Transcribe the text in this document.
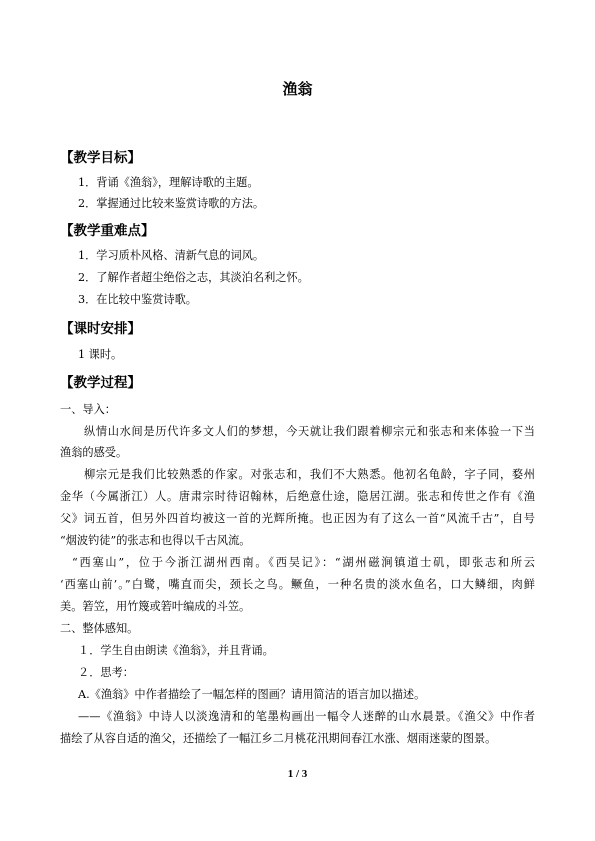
渔翁
【教学目标】
1．背诵《渔翁》，理解诗歌的主题。
2．掌握通过比较来鉴赏诗歌的方法。
【教学重难点】
1．学习质朴风格、清新气息的词风。
2．了解作者超尘绝俗之志，其淡泊名利之怀。
3．在比较中鉴赏诗歌。
【课时安排】
1 课时。
【教学过程】
一、导入：
纵情山水间是历代许多文人们的梦想，今天就让我们跟着柳宗元和张志和来体验一下当
渔翁的感受。
柳宗元是我们比较熟悉的作家。对张志和，我们不大熟悉。他初名龟龄，字子同，婺州
金华（今属浙江）人。唐肃宗时待诏翰林，后绝意仕途，隐居江湖。张志和传世之作有《渔
父》词五首，但另外四首均被这一首的光辉所掩。也正因为有了这么一首“风流千古”，自号
“烟波钓徒”的张志和也得以千古风流。
“西塞山”，位于今浙江湖州西南。《西吴记》：“湖州磁涧镇道士矶，即张志和所云
‘西塞山前’。”白鹭，嘴直而尖，颈长之鸟。鳜鱼，一种名贵的淡水鱼名，口大鳞细，肉鲜
美。箬笠，用竹篾或箬叶编成的斗笠。
二、整体感知。
１．学生自由朗读《渔翁》，并且背诵。
２．思考：
A.《渔翁》中作者描绘了一幅怎样的图画？请用简洁的语言加以描述。
——《渔翁》中诗人以淡逸清和的笔墨构画出一幅令人迷醉的山水晨景。《渔父》中作者
描绘了从容自适的渔父，还描绘了一幅江乡二月桃花汛期间春江水涨、烟雨迷蒙的图景。
1 / 3
